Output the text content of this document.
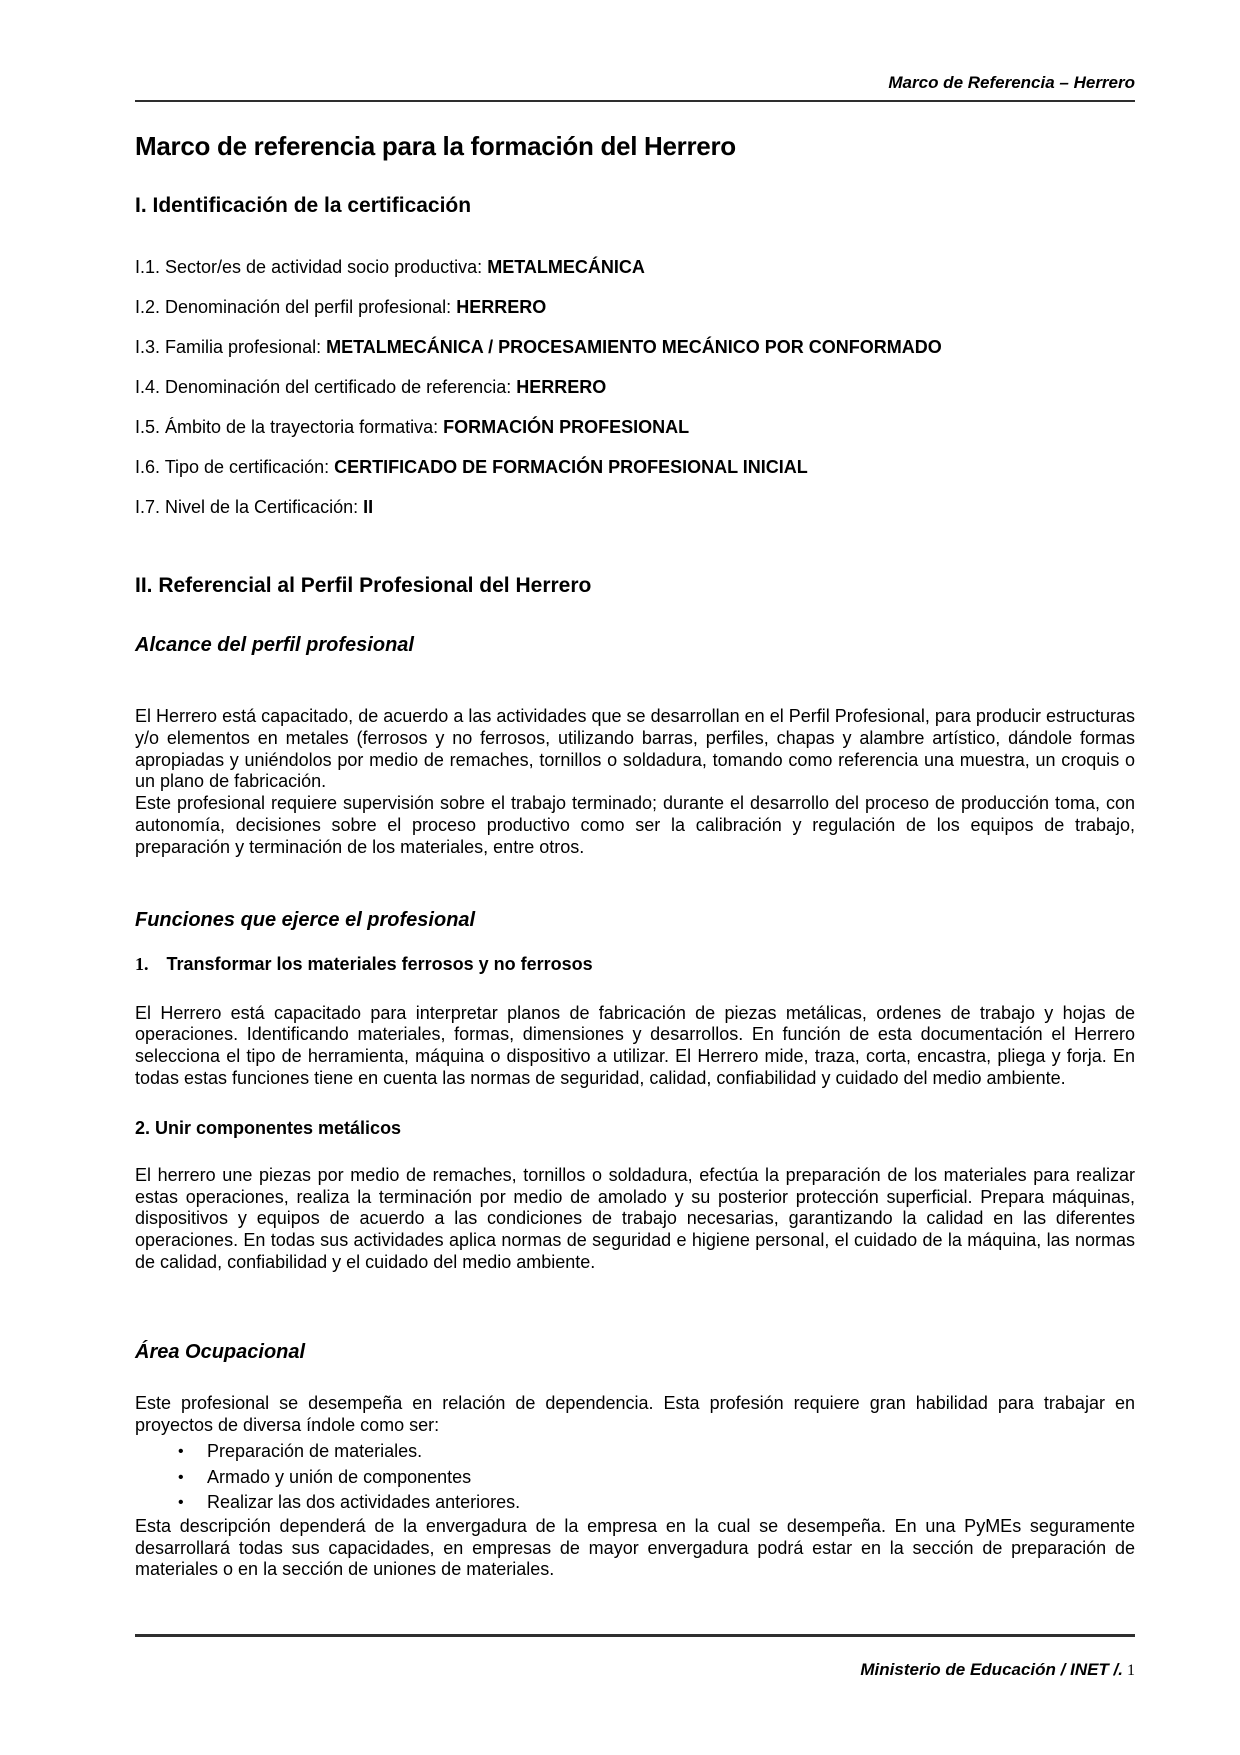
Marco de Referencia – Herrero
Marco de referencia para la formación del Herrero
I. Identificación de la certificación

I.1. Sector/es de actividad socio productiva: METALMECÁNICA

I.2. Denominación del perfil profesional: HERRERO

I.3. Familia profesional: METALMECÁNICA / PROCESAMIENTO MECÁNICO POR CONFORMADO

I.4. Denominación del certificado de referencia: HERRERO

I.5. Ámbito de la trayectoria formativa: FORMACIÓN PROFESIONAL

I.6. Tipo de certificación: CERTIFICADO DE FORMACIÓN PROFESIONAL INICIAL

I.7. Nivel de la Certificación: II

II. Referencial al Perfil Profesional del Herrero
Alcance del perfil profesional

El Herrero está capacitado, de acuerdo a las actividades que se desarrollan en el Perfil Profesional, para producir estructuras y/o elementos en metales (ferrosos y no ferrosos, utilizando barras, perfiles, chapas y alambre artístico, dándole formas apropiadas y uniéndolos por medio de remaches, tornillos o soldadura, tomando como referencia una muestra, un croquis o un plano de fabricación.

Este profesional requiere supervisión sobre el trabajo terminado; durante el desarrollo del proceso de producción toma, con autonomía, decisiones sobre el proceso productivo como ser la calibración y regulación de los equipos de trabajo, preparación y terminación de los materiales, entre otros.

Funciones que ejerce el profesional
1. Transformar los materiales ferrosos y no ferrosos

El Herrero está capacitado para interpretar planos de fabricación de piezas metálicas, ordenes de trabajo y hojas de operaciones. Identificando materiales, formas, dimensiones y desarrollos. En función de esta documentación el Herrero selecciona el tipo de herramienta, máquina o dispositivo a utilizar. El Herrero mide, traza, corta, encastra, pliega y forja. En todas estas funciones tiene en cuenta las normas de seguridad, calidad, confiabilidad y cuidado del medio ambiente.

2. Unir componentes metálicos

El herrero une piezas por medio de remaches, tornillos o soldadura, efectúa la preparación de los materiales para realizar estas operaciones, realiza la terminación por medio de amolado y su posterior protección superficial. Prepara máquinas, dispositivos y equipos de acuerdo a las condiciones de trabajo necesarias, garantizando la calidad en las diferentes operaciones. En todas sus actividades aplica normas de seguridad e higiene personal, el cuidado de la máquina, las normas de calidad, confiabilidad y el cuidado del medio ambiente.

Área Ocupacional

Este profesional se desempeña en relación de dependencia. Esta profesión requiere gran habilidad para trabajar en proyectos de diversa índole como ser:

• Preparación de materiales.
• Armado y unión de componentes
• Realizar las dos actividades anteriores.

Esta descripción dependerá de la envergadura de la empresa en la cual se desempeña. En una PyMEs seguramente desarrollará todas sus capacidades, en empresas de mayor envergadura podrá estar en la sección de preparación de materiales o en la sección de uniones de materiales.

Ministerio de Educación / INET /. 1
